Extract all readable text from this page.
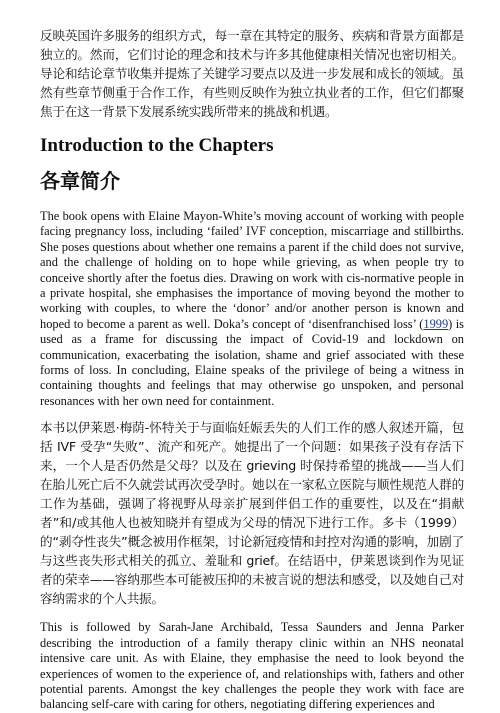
反映英国许多服务的组织方式，每一章在其特定的服务、疾病和背景方面都是独立的。然而，它们讨论的理念和技术与许多其他健康相关情况也密切相关。导论和结论章节收集并提炼了关键学习要点以及进一步发展和成长的领域。虽然有些章节侧重于合作工作，有些则反映作为独立执业者的工作，但它们都聚焦于在这一背景下发展系统实践所带来的挑战和机遇。

Introduction to the Chapters
各章简介

The book opens with Elaine Mayon-White’s moving account of working with people facing pregnancy loss, including ‘failed’ IVF conception, miscarriage and stillbirths. She poses questions about whether one remains a parent if the child does not survive, and the challenge of holding on to hope while grieving, as when people try to conceive shortly after the foetus dies. Drawing on work with cis-normative people in a private hospital, she emphasises the importance of moving beyond the mother to working with couples, to where the ‘donor’ and/or another person is known and hoped to become a parent as well. Doka’s concept of ‘disenfranchised loss’ (1999) is used as a frame for discussing the impact of Covid-19 and lockdown on communication, exacerbating the isolation, shame and grief associated with these forms of loss. In concluding, Elaine speaks of the privilege of being a witness in containing thoughts and feelings that may otherwise go unspoken, and personal resonances with her own need for containment.

本书以伊莱恩·梅荫-怀特关于与面临妊娠丢失的人们工作的感人叙述开篇，包括 IVF 受孕“失败”、流产和死产。她提出了一个问题：如果孩子没有存活下来，一个人是否仍然是父母？以及在 grieving 时保持希望的挑战——当人们在胎儿死亡后不久就尝试再次受孕时。她以在一家私立医院与顺性规范人群的工作为基础，强调了将视野从母亲扩展到伴侣工作的重要性，以及在“捐献者”和/或其他人也被知晓并有望成为父母的情况下进行工作。多卡（1999）的“剥夺性丧失”概念被用作框架，讨论新冠疫情和封控对沟通的影响，加剧了与这些丧失形式相关的孤立、羞耻和 grief。在结语中，伊莱恩谈到作为见证者的荣幸——容纳那些本可能被压抑的未被言说的想法和感受，以及她自己对容纳需求的个人共振。

This is followed by Sarah-Jane Archibald, Tessa Saunders and Jenna Parker describing the introduction of a family therapy clinic within an NHS neonatal intensive care unit. As with Elaine, they emphasise the need to look beyond the experiences of women to the experience of, and relationships with, fathers and other potential parents. Amongst the key challenges the people they work with face are balancing self-care with caring for others, negotiating differing experiences and
